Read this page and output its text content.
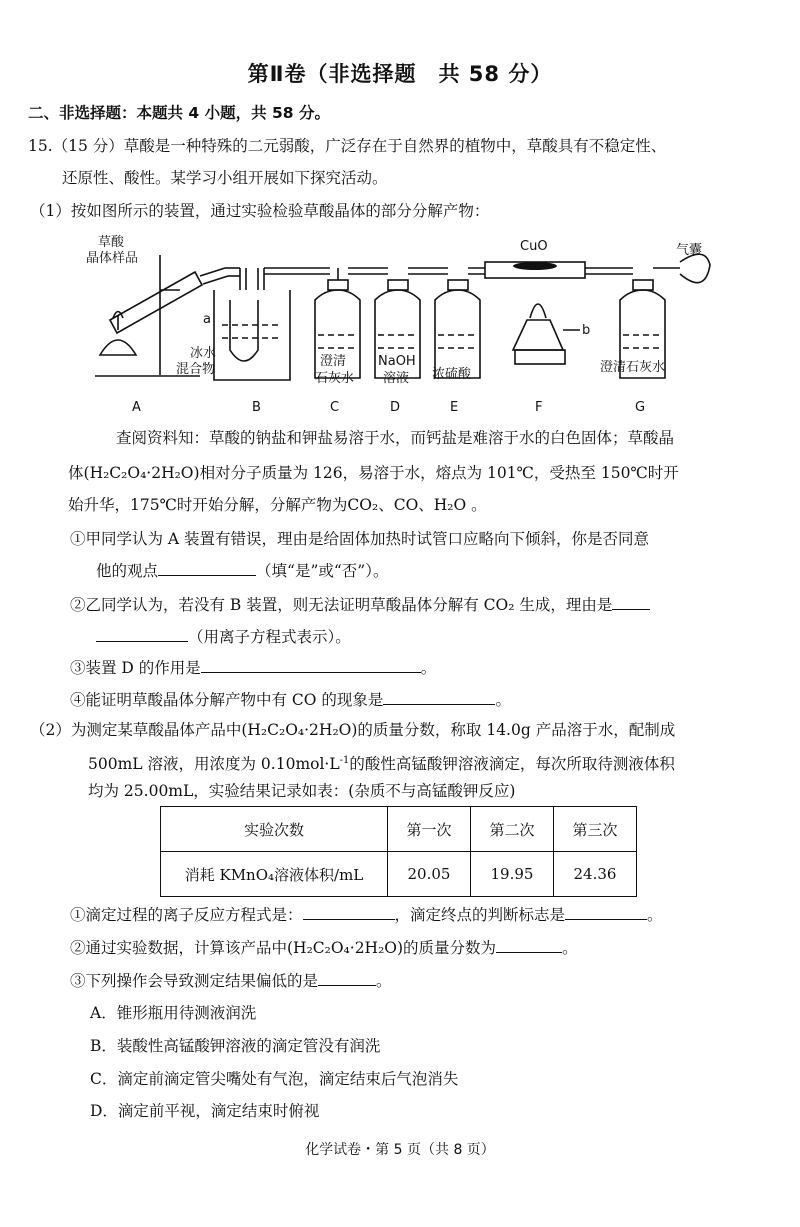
第Ⅱ卷（非选择题　共 58 分）
二、非选择题：本题共 4 小题，共 58 分。
15.（15 分）草酸是一种特殊的二元弱酸，广泛存在于自然界的植物中，草酸具有不稳定性、
还原性、酸性。某学习小组开展如下探究活动。
（1）按如图所示的装置，通过实验检验草酸晶体的部分分解产物：
草酸
晶体样品
a
冰水
混合物
澄清
石灰水
NaOH
溶液 浓硫酸
CuO
b
气囊
澄清石灰水
A	B	C	D	E	F	G
查阅资料知：草酸的钠盐和钾盐易溶于水，而钙盐是难溶于水的白色固体；草酸晶
体(H₂C₂O₄·2H₂O)相对分子质量为 126，易溶于水，熔点为 101℃，受热至 150℃时开
始升华，175℃时开始分解，分解产物为CO₂、CO、H₂O 。
①甲同学认为 A 装置有错误，理由是给固体加热时试管口应略向下倾斜，你是否同意
他的观点	（填“是”或“否”）。
②乙同学认为，若没有 B 装置，则无法证明草酸晶体分解有 CO₂ 生成，理由是
（用离子方程式表示）。
③装置 D 的作用是	。
④能证明草酸晶体分解产物中有 CO 的现象是	。
（2）为测定某草酸晶体产品中(H₂C₂O₄·2H₂O)的质量分数，称取 14.0g 产品溶于水，配制成
500mL 溶液，用浓度为 $0.10mol\cdot L^{-1}$的酸性高锰酸钾溶液滴定，每次所取待测液体积
均为 25.00mL，实验结果记录如表：(杂质不与高锰酸钾反应)
实验次数	第一次	第二次	第三次
消耗 KMnO₄溶液体积/mL	20.05	19.95	24.36
①滴定过程的离子反应方程式是：	，滴定终点的判断标志是	。
②通过实验数据，计算该产品中(H₂C₂O₄·2H₂O)的质量分数为	。
③下列操作会导致测定结果偏低的是	。
A．锥形瓶用待测液润洗
B．装酸性高锰酸钾溶液的滴定管没有润洗
C．滴定前滴定管尖嘴处有气泡，滴定结束后气泡消失
D．滴定前平视，滴定结束时俯视
化学试卷・第 5 页（共 8 页）
